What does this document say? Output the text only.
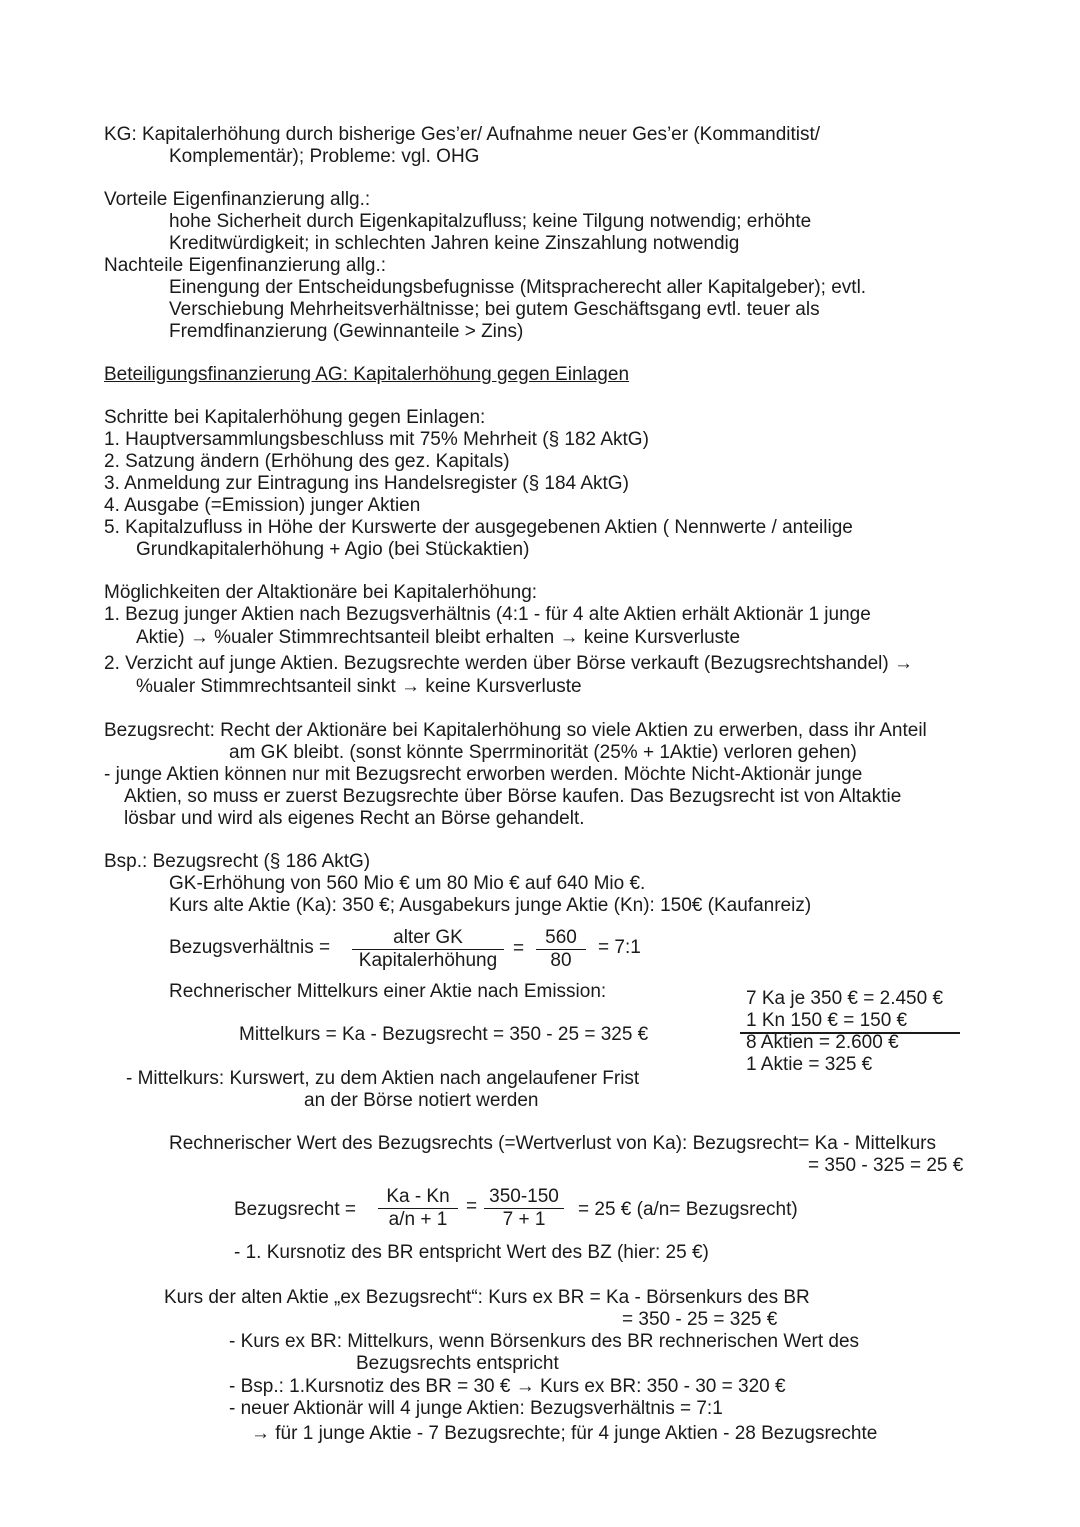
KG: Kapitalerhöhung durch bisherige Ges’er/ Aufnahme neuer Ges’er (Kommanditist/
Komplementär); Probleme: vgl. OHG
Vorteile Eigenfinanzierung allg.:
hohe Sicherheit durch Eigenkapitalzufluss; keine Tilgung notwendig; erhöhte
Kreditwürdigkeit; in schlechten Jahren keine Zinszahlung notwendig
Nachteile Eigenfinanzierung allg.:
Einengung der Entscheidungsbefugnisse (Mitspracherecht aller Kapitalgeber); evtl.
Verschiebung Mehrheitsverhältnisse; bei gutem Geschäftsgang evtl. teuer als
Fremdfinanzierung (Gewinnanteile > Zins)
Beteiligungsfinanzierung AG: Kapitalerhöhung gegen Einlagen
Schritte bei Kapitalerhöhung gegen Einlagen:
1. Hauptversammlungsbeschluss mit 75% Mehrheit (§ 182 AktG)
2. Satzung ändern (Erhöhung des gez. Kapitals)
3. Anmeldung zur Eintragung ins Handelsregister (§ 184 AktG)
4. Ausgabe (=Emission) junger Aktien
5. Kapitalzufluss in Höhe der Kurswerte der ausgegebenen Aktien ( Nennwerte / anteilige
Grundkapitalerhöhung + Agio (bei Stückaktien)
Möglichkeiten der Altaktionäre bei Kapitalerhöhung:
1. Bezug junger Aktien nach Bezugsverhältnis (4:1 - für 4 alte Aktien erhält Aktionär 1 junge
Aktie) → %ualer Stimmrechtsanteil bleibt erhalten → keine Kursverluste
2. Verzicht auf junge Aktien. Bezugsrechte werden über Börse verkauft (Bezugsrechtshandel) →
%ualer Stimmrechtsanteil sinkt → keine Kursverluste
Bezugsrecht: Recht der Aktionäre bei Kapitalerhöhung so viele Aktien zu erwerben, dass ihr Anteil
am GK bleibt. (sonst könnte Sperrminorität (25% + 1Aktie) verloren gehen)
- junge Aktien können nur mit Bezugsrecht erworben werden. Möchte Nicht-Aktionär junge
Aktien, so muss er zuerst Bezugsrechte über Börse kaufen. Das Bezugsrecht ist von Altaktie
lösbar und wird als eigenes Recht an Börse gehandelt.
Bsp.: Bezugsrecht (§ 186 AktG)
GK-Erhöhung von 560 Mio € um 80 Mio € auf 640 Mio €.
Kurs alte Aktie (Ka): 350 €; Ausgabekurs junge Aktie (Kn): 150€ (Kaufanreiz)
Bezugsverhältnis =	alter GK
Kapitalerhöhung
= $\frac{560}{80}$ = 7:1
Rechnerischer Mittelkurs einer Aktie nach Emission:
Mittelkurs = Ka - Bezugsrecht = 350 - 25 = 325 €
7 Ka je 350 € = 2.450 €
1 Kn 150 € = 150 €
8 Aktien = 2.600 €
1 Aktie = 325 €
- Mittelkurs: Kurswert, zu dem Aktien nach angelaufener Frist
an der Börse notiert werden
Rechnerischer Wert des Bezugsrechts (=Wertverlust von Ka): Bezugsrecht= Ka - Mittelkurs
= 350 - 325 = 25 €
Bezugsrecht = $\frac{Ka - Kn}{a/n + 1} = \frac{350-150}{7 + 1} = 25$ € (a/n= Bezugsrecht)
- 1. Kursnotiz des BR entspricht Wert des BZ (hier: 25 €)
Kurs der alten Aktie „ex Bezugsrecht“: Kurs ex BR = Ka - Börsenkurs des BR
= 350 - 25 = 325 €
- Kurs ex BR: Mittelkurs, wenn Börsenkurs des BR rechnerischen Wert des
Bezugsrechts entspricht
- Bsp.: 1.Kursnotiz des BR = 30 € → Kurs ex BR: 350 - 30 = 320 €
- neuer Aktionär will 4 junge Aktien: Bezugsverhältnis = 7:1
→ für 1 junge Aktie - 7 Bezugsrechte; für 4 junge Aktien - 28 Bezugsrechte
